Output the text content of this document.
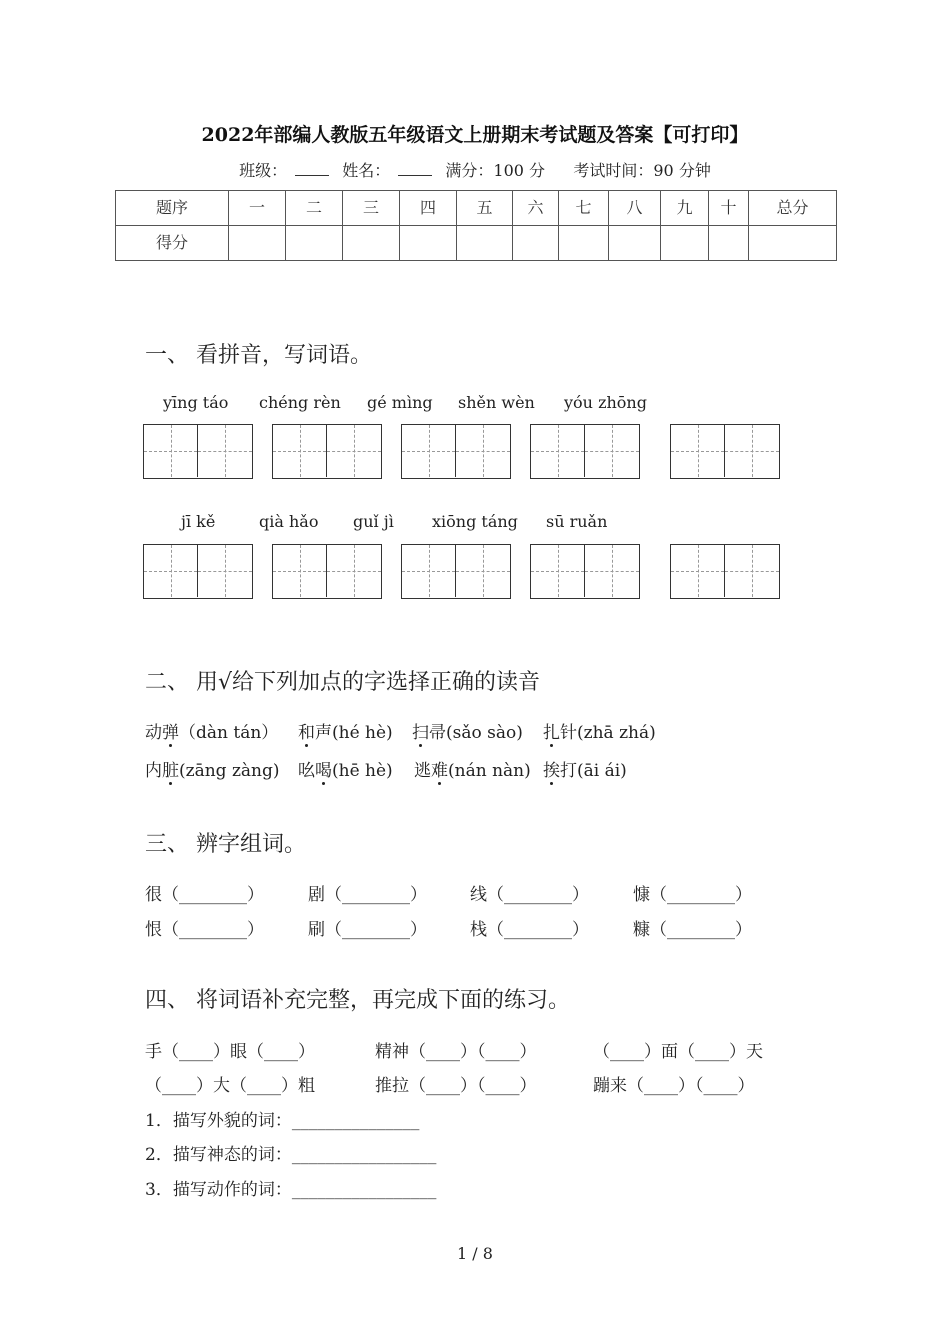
2022年部编人教版五年级语文上册期末考试题及答案【可打印】
班级：	姓名：	满分：100 分 考试时间：90 分钟
题序	一	二	三	四	五	六	七	八	九	十	总分
得分											
一、 看拼音，写词语。
yīng táo chéng rèn gé mìng shěn wèn yóu zhōng
jī kě	qià hǎo guǐ jì xiōng táng sū ruǎn
二、 用√给下列加点的字选择正确的读音
动弹（dàn tán） 和声(hé hè) 扫帚(sǎo sào) 扎针(zhā zhá)
内脏(zāng zàng) 吆喝(hē hè) 逃难(nán nàn) 挨打(āi ái)
三、 辨字组词。
很（________）	剧（________）	线（________）	慷（________）
恨（________）	刷（________）	栈（________）	糠（________）
四、 将词语补充完整，再完成下面的练习。
手（____）眼（____）	精神（____）（____）	（____）面（____）天
（____）大（____）粗	推拉（____）（____）	蹦来（____）（____）
1．描写外貌的词：_______________
2．描写神态的词：_________________
3．描写动作的词：_________________
1 / 8
